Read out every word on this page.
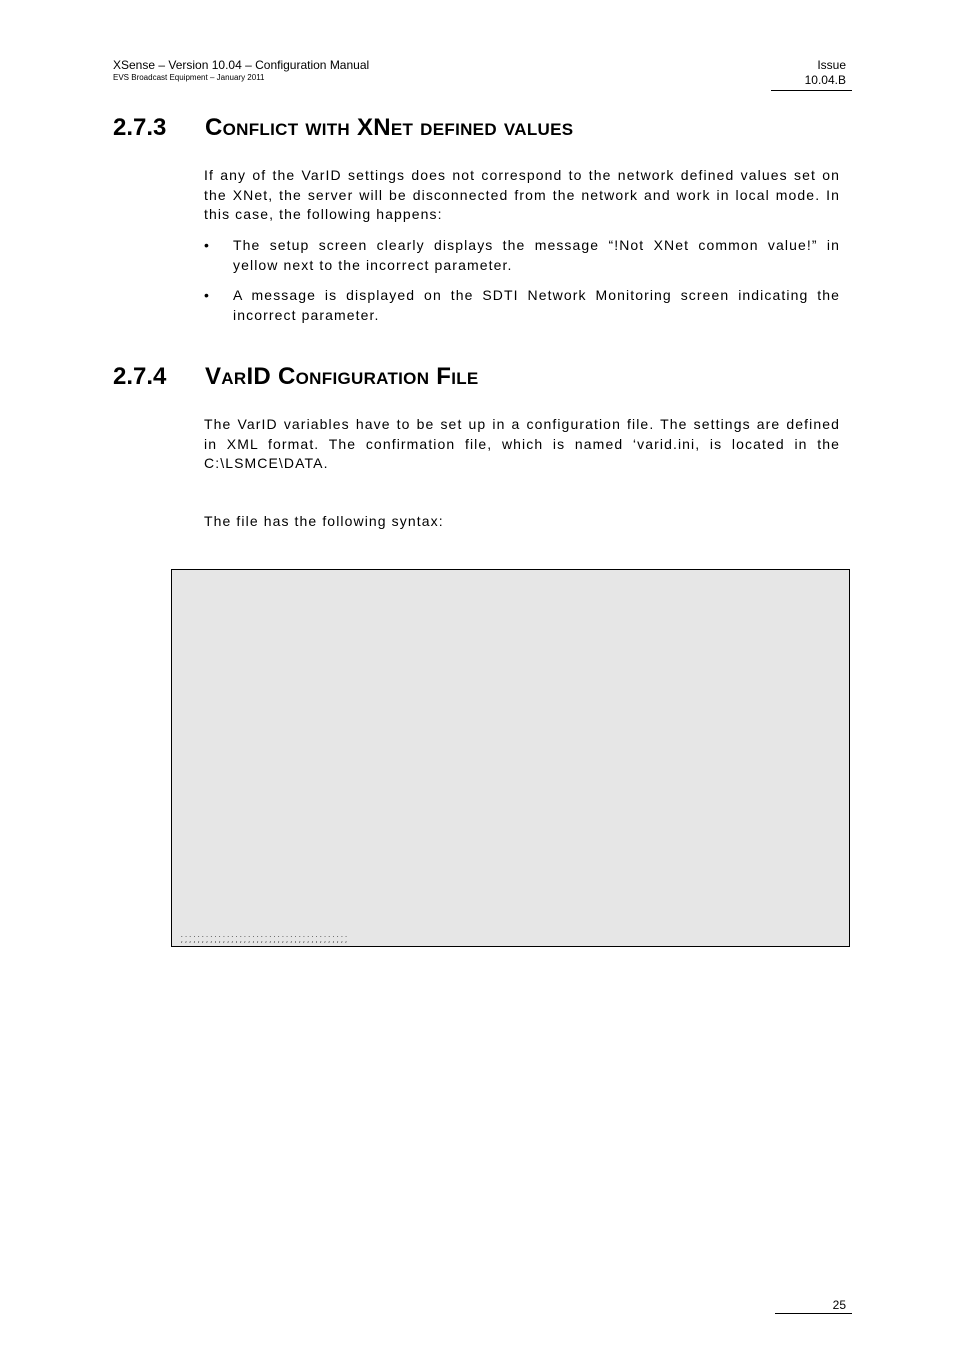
XSense – Version 10.04 – Configuration Manual
EVS Broadcast Equipment – January 2011
Issue
10.04.B
2.7.3 Conflict with XNet defined values
If any of the VarID settings does not correspond to the network defined values set on the XNet, the server will be disconnected from the network and work in local mode. In this case, the following happens:
• The setup screen clearly displays the message “!Not XNet common value!” in yellow next to the incorrect parameter.
• A message is displayed on the SDTI Network Monitoring screen indicating the incorrect parameter.
2.7.4 VarID Configuration File
The VarID variables have to be set up in a configuration file. The settings are defined in XML format. The confirmation file, which is named ‘varid.ini, is located in the C:\LSMCE\DATA.
The file has the following syntax:
........................................
,,,,,,,,,,,,,,,,,,,,,,,,,,,,,,,,,,,,,,,,
25
